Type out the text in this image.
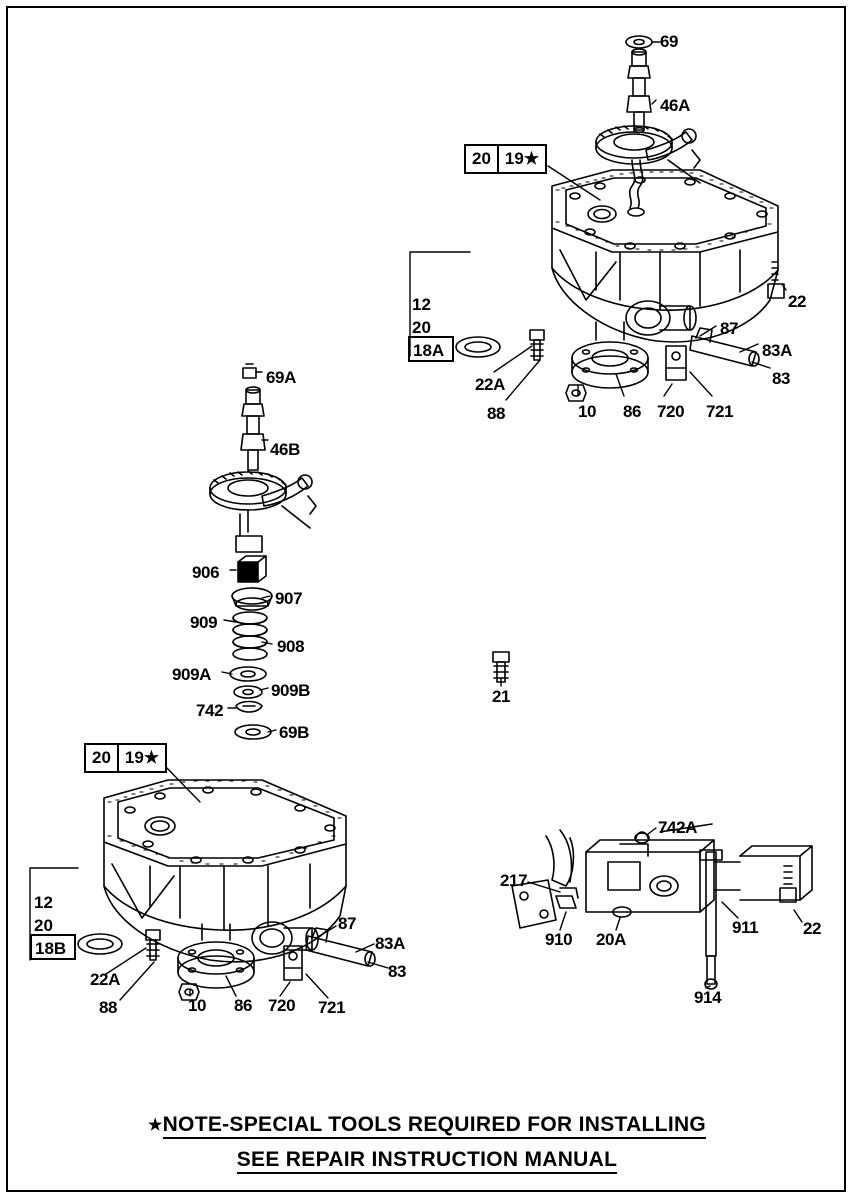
20 19★
20 19★
12
20
18A
12
20
18B
69
46A
22
87
83A
83
22A
88	10 86 720 721
69A
46B
906
907
909
908
909A
909B
742
69B
21
22A
88	10 86 720 721
87
83A
83
742A
217
910 20A
911	22
914
★NOTE-SPECIAL TOOLS REQUIRED FOR INSTALLING
SEE REPAIR INSTRUCTION MANUAL
